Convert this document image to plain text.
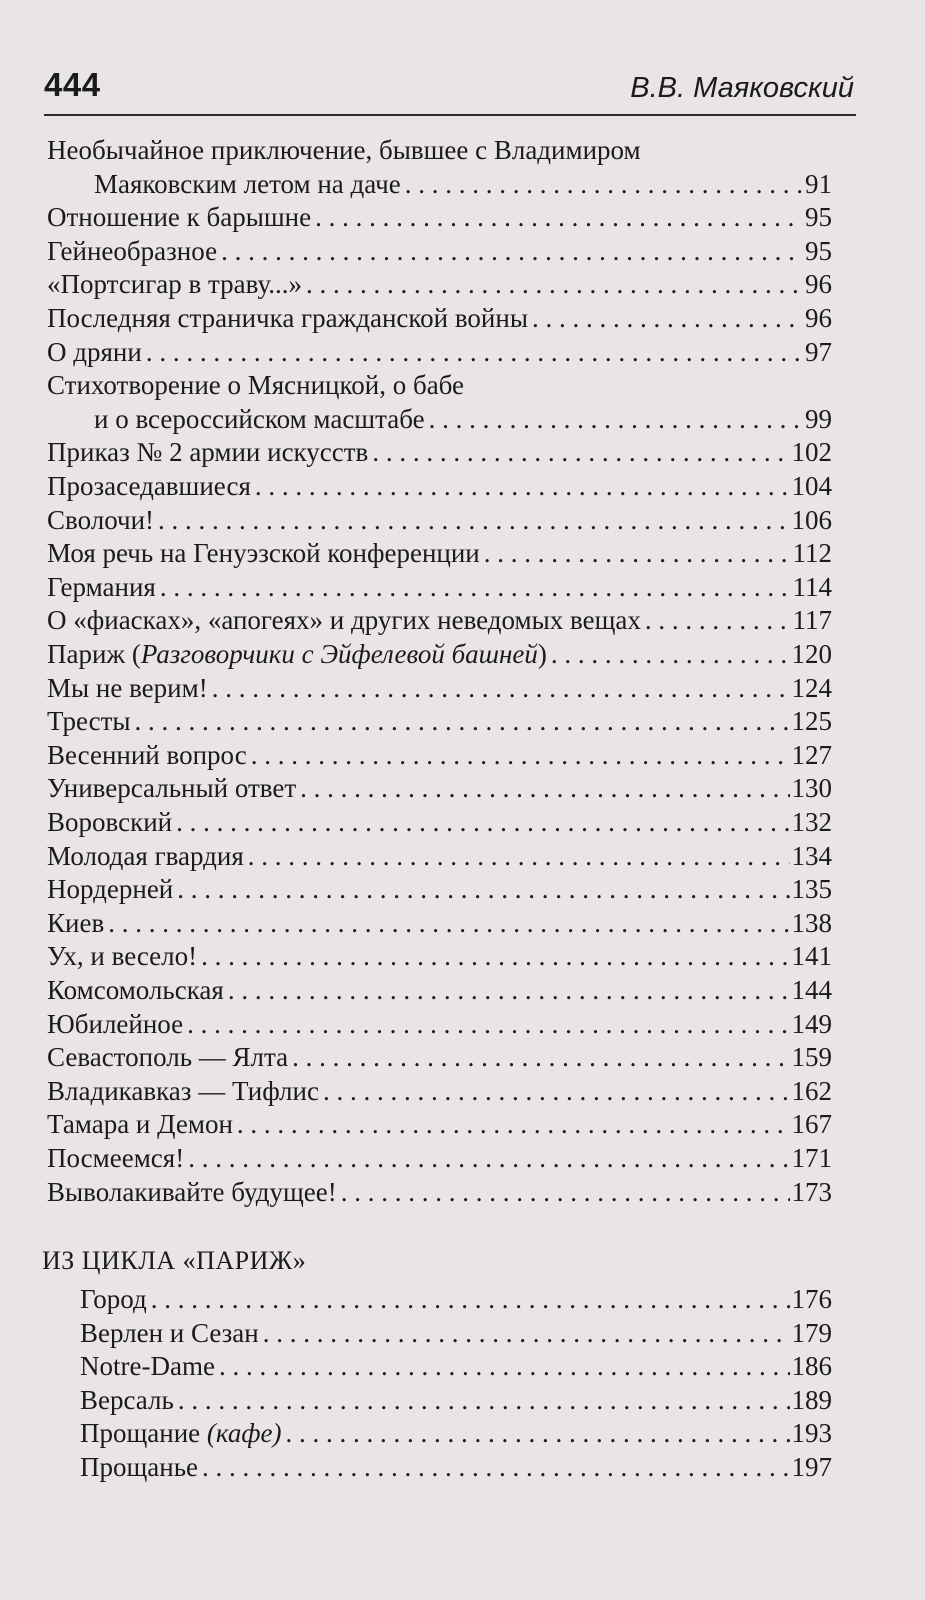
444	В.В. Маяковский
Необычайное приключение, бывшее с Владимиром
Маяковским летом на даче . . .	91
Отношение к барышне . . .	95
Гейнеобразное . . .	95
«Портсигар в траву...» . . .	96
Последняя страничка гражданской войны . . .	96
О дряни . . .	97
Стихотворение о Мясницкой, о бабе
и о всероссийском масштабе . . .	99
Приказ № 2 армии искусств . . .	102
Прозаседавшиеся . . .	104
Сволочи! . . .	106
Моя речь на Генуэзской конференции . . .	112
Германия . . .	114
О «фиасках», «апогеях» и других неведомых вещах . . .	117
Париж (Разговорчики с Эйфелевой башней) . . .	120
Мы не верим! . . .	124
Тресты . . .	125
Весенний вопрос . . .	127
Универсальный ответ . . .	130
Воровский . . .	132
Молодая гвардия . . .	134
Нордерней . . .	135
Киев . . .	138
Ух, и весело! . . .	141
Комсомольская . . .	144
Юбилейное . . .	149
Севастополь — Ялта . . .	159
Владикавказ — Тифлис . . .	162
Тамара и Демон . . .	167
Посмеемся! . . .	171
Выволакивайте будущее! . . .	173
ИЗ ЦИКЛА «ПАРИЖ»
Город . . .	176
Верлен и Сезан . . .	179
Notre-Dame . . .	186
Версаль . . .	189
Прощание (кафе) . . .	193
Прощанье . . .	197
